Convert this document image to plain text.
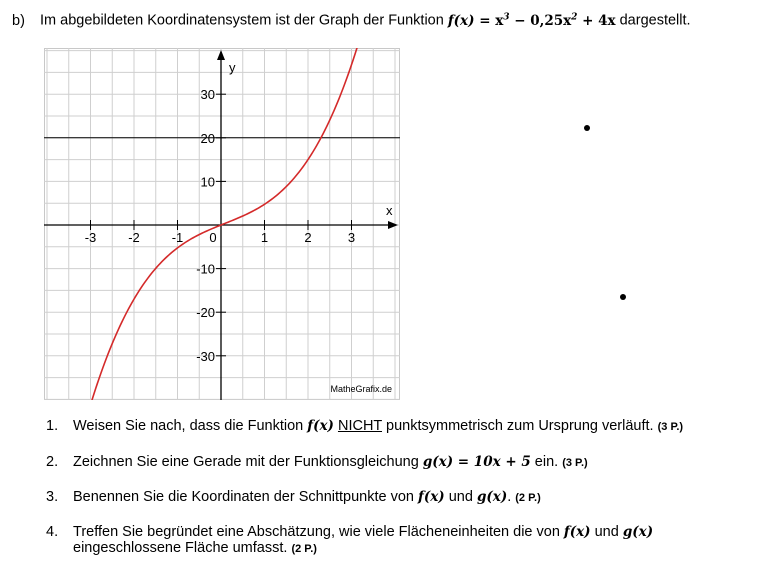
b) Im abgebildeten Koordinatensystem ist der Graph der Funktion $f(x) = x^3 - 0,25x^2 + 4x$ dargestellt.
-3 -2 -1 0	1	2	3
30
20
10
-10
-20
-30
x
y
MatheGrafix.de
1. Weisen Sie nach, dass die Funktion f(x) NICHT punktsymmetrisch zum Ursprung verläuft. (3 P.)
2. Zeichnen Sie eine Gerade mit der Funktionsgleichung g(x) = 10x + 5 ein. (3 P.)
3. Benennen Sie die Koordinaten der Schnittpunkte von f(x) und g(x). (2 P.)
4. Treffen Sie begründet eine Abschätzung, wie viele Flächeneinheiten die von f(x) und g(x)
eingeschlossene Fläche umfasst. (2 P.)
